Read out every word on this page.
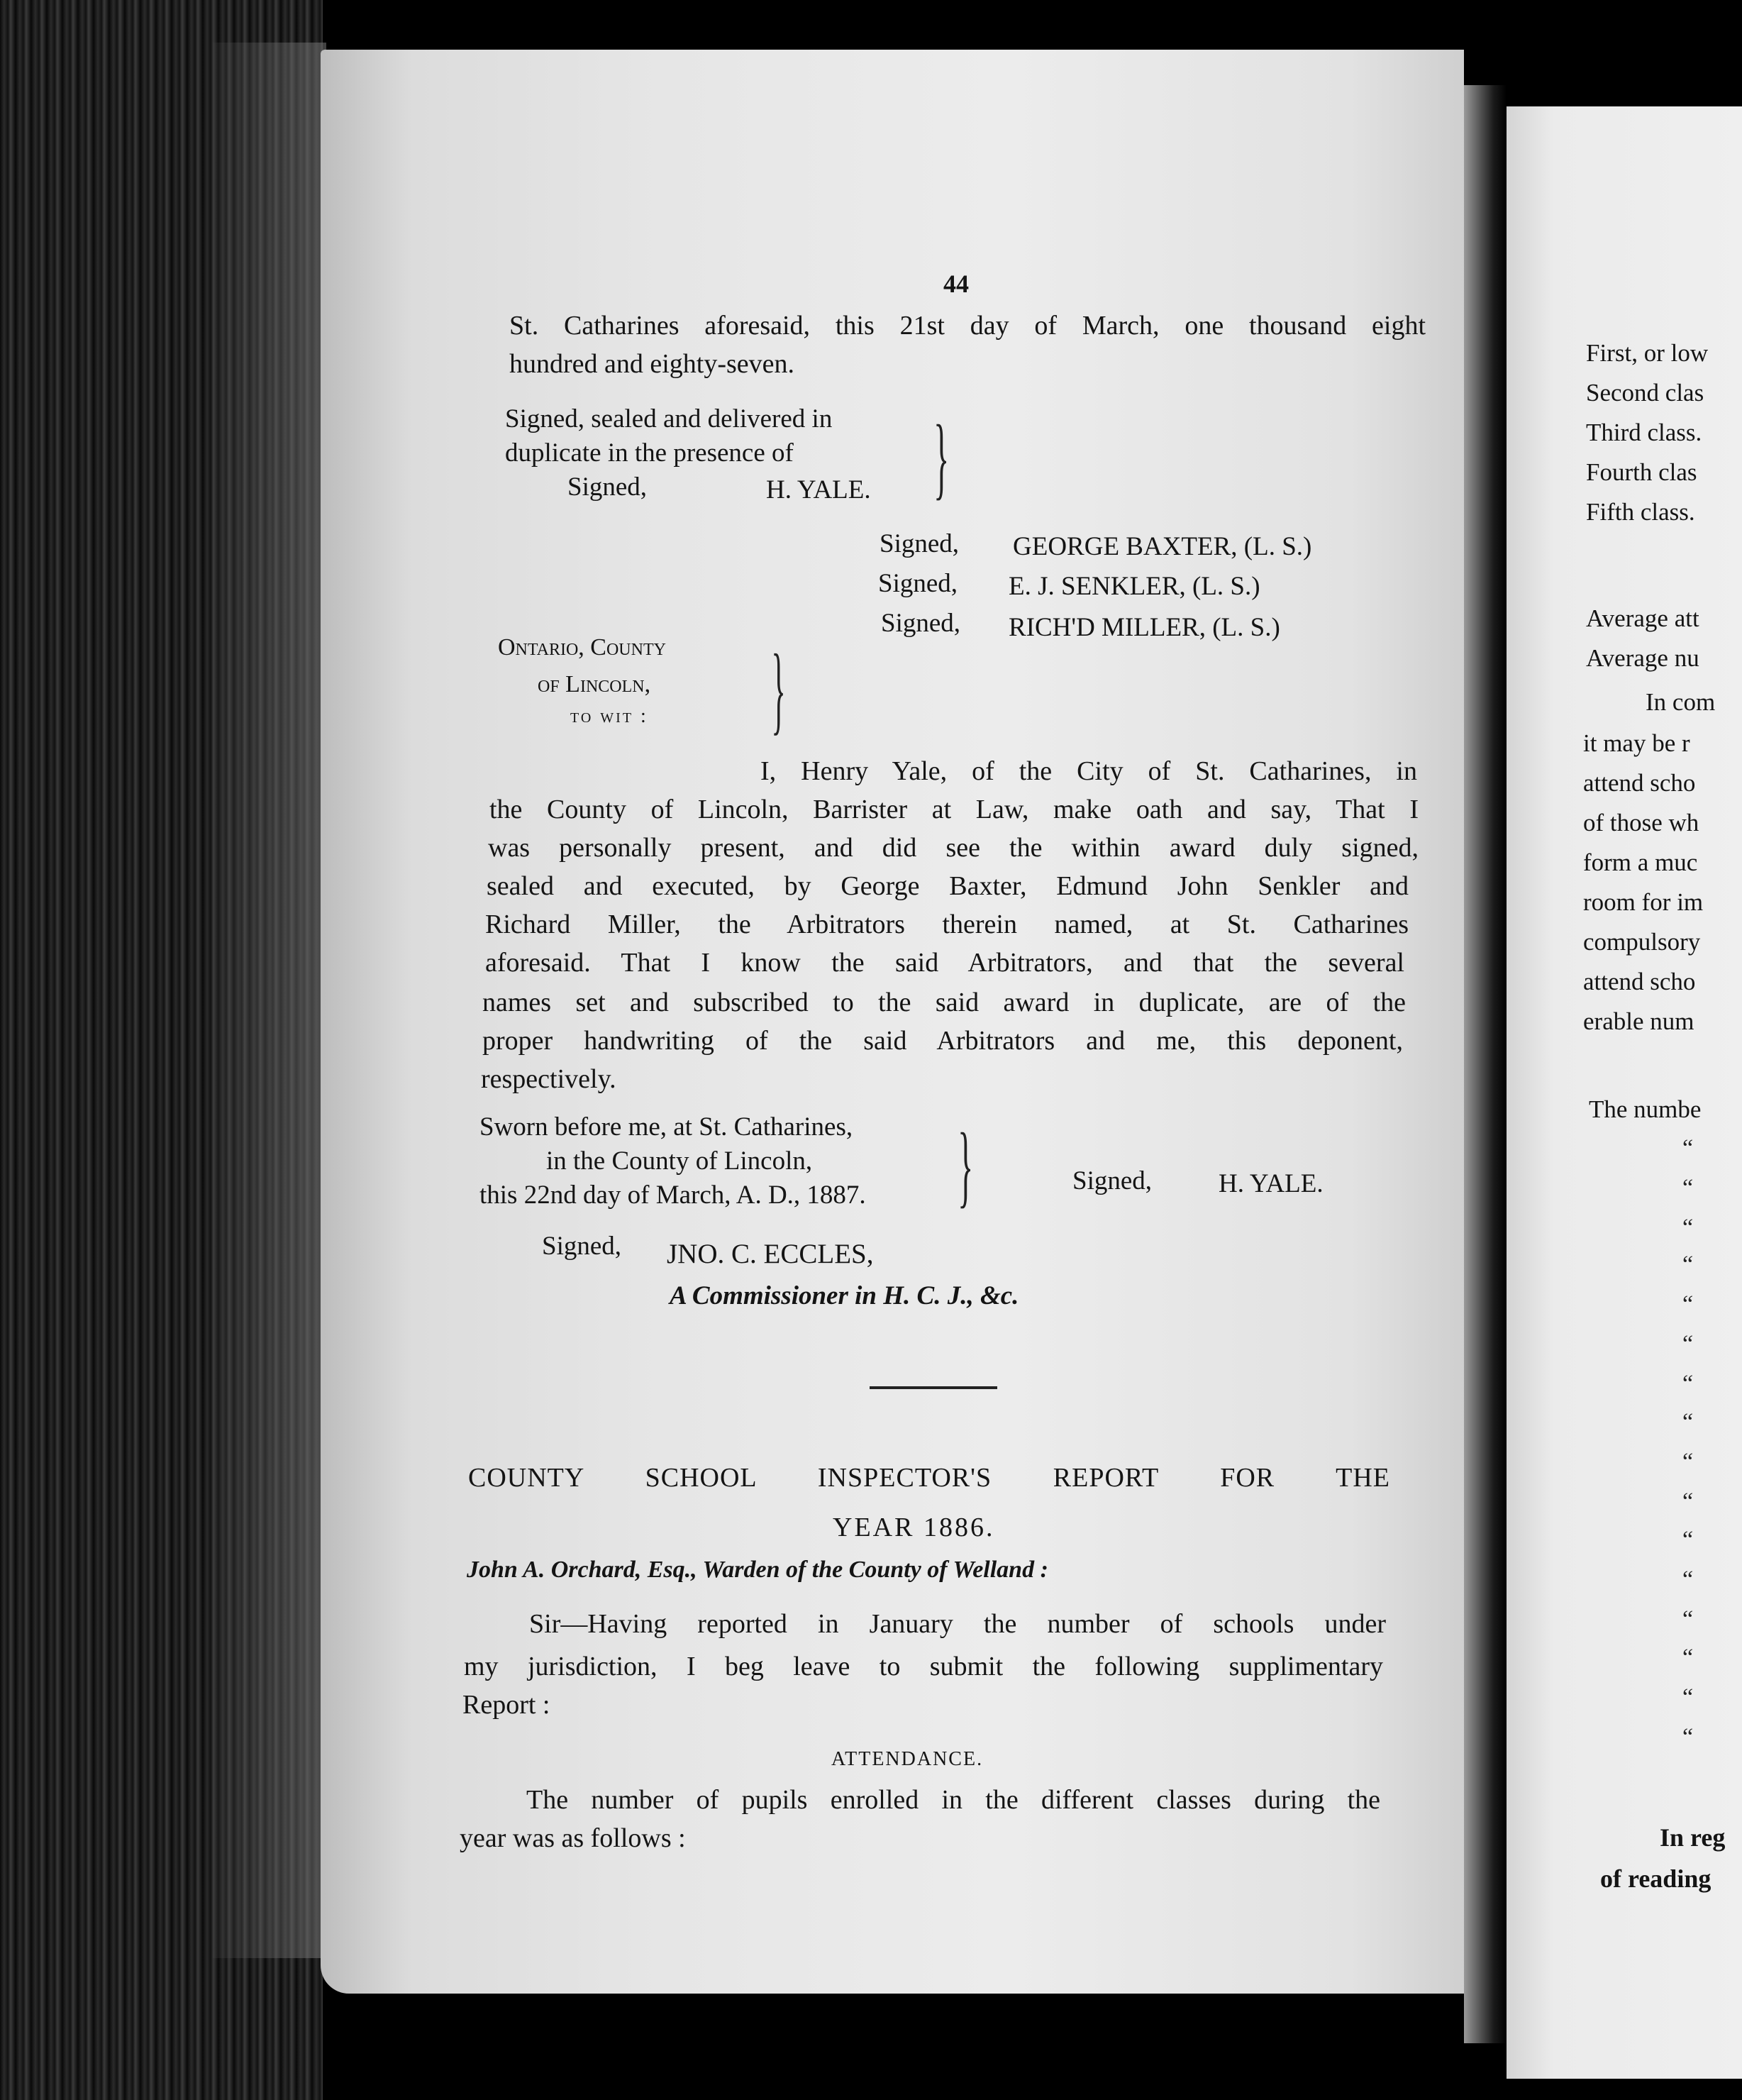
44
St. Catharines aforesaid, this 21st day of March, one thousand eight
hundred and eighty-seven.
Signed, sealed and delivered in
duplicate in the presence of
Signed,	H. YALE. }
Signed, GEORGE BAXTER, (L. S.)
Signed, E. J. SENKLER, (L. S.)
Signed, RICH'D MILLER, (L. S.)
Ontario, County
of Lincoln,
to wit : }
I, Henry Yale, of the City of St. Catharines, in
the County of Lincoln, Barrister at Law, make oath and say, That I
was personally present, and did see the within award duly signed,
sealed and executed, by George Baxter, Edmund John Senkler and
Richard Miller, the Arbitrators therein named, at St. Catharines
aforesaid. That I know the said Arbitrators, and that the several
names set and subscribed to the said award in duplicate, are of the
proper handwriting of the said Arbitrators and me, this deponent,
respectively.
Sworn before me, at St. Catharines,
in the County of Lincoln,
this 22nd day of March, A. D., 1887. }	Signed,	H. YALE.
Signed, JNO. C. ECCLES,
A Commissioner in H. C. J., &c.
COUNTY SCHOOL INSPECTOR'S REPORT FOR THE
YEAR 1886.
John A. Orchard, Esq., Warden of the County of Welland :
Sir—Having reported in January the number of schools under
my jurisdiction, I beg leave to submit the following supplimentary
Report :
ATTENDANCE.
The number of pupils enrolled in the different classes during the
year was as follows :
First, or low
Second clas
Third class.
Fourth clas
Fifth class.
Average att
Average nu
In com
it may be r
attend scho
of those wh
form a muc
room for im
compulsory
attend scho
erable num
The numbe
“
“
“
“
“
“
“
“
“
“
“
“
“
“
“
“
In reg
of reading
